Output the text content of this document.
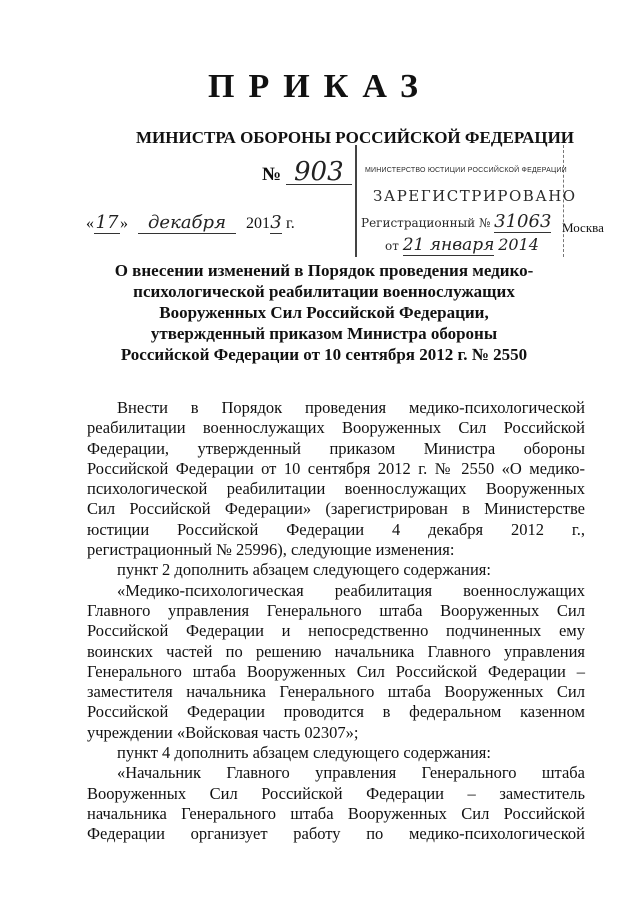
ПРИКАЗ
МИНИСТРА ОБОРОНЫ РОССИЙСКОЙ ФЕДЕРАЦИИ
№ 903
«17» декабря 2013 г.
МИНИСТЕРСТВО ЮСТИЦИИ РОССИЙСКОЙ ФЕДЕРАЦИИ
ЗАРЕГИСТРИРОВАНО
Регистрационный № 31063
от 21 января 2014
Москва
О внесении изменений в Порядок проведения медико-
психологической реабилитации военнослужащих
Вооруженных Сил Российской Федерации,
утвержденный приказом Министра обороны
Российской Федерации от 10 сентября 2012 г. № 2550
Внести в Порядок проведения медико-психологической
реабилитации военнослужащих Вооруженных Сил Российской
Федерации, утвержденный приказом Министра обороны
Российской Федерации от 10 сентября 2012 г. № 2550 «О медико-
психологической реабилитации военнослужащих Вооруженных
Сил Российской Федерации» (зарегистрирован в Министерстве
юстиции Российской Федерации 4 декабря 2012 г.,
регистрационный № 25996), следующие изменения:
пункт 2 дополнить абзацем следующего содержания:
«Медико-психологическая реабилитация военнослужащих
Главного управления Генерального штаба Вооруженных Сил
Российской Федерации и непосредственно подчиненных ему
воинских частей по решению начальника Главного управления
Генерального штаба Вооруженных Сил Российской Федерации –
заместителя начальника Генерального штаба Вооруженных Сил
Российской Федерации проводится в федеральном казенном
учреждении «Войсковая часть 02307»;
пункт 4 дополнить абзацем следующего содержания:
«Начальник Главного управления Генерального штаба
Вооруженных Сил Российской Федерации – заместитель
начальника Генерального штаба Вооруженных Сил Российской
Федерации организует работу по медико-психологической
